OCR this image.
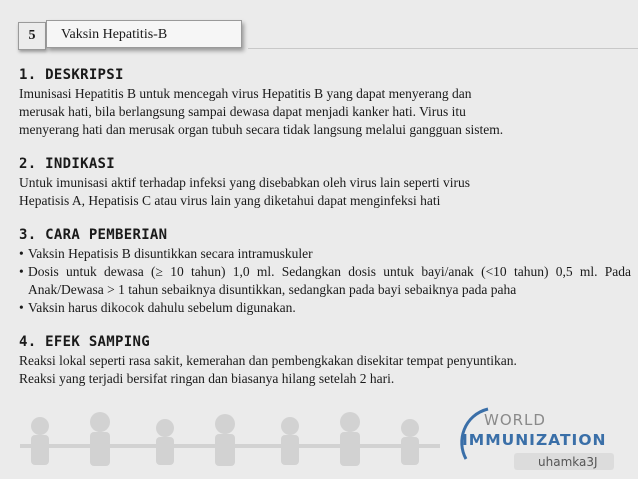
5	Vaksin Hepatitis-B
1. DESKRIPSI

Imunisasi Hepatitis B untuk mencegah virus Hepatitis B yang dapat menyerang dan

merusak hati, bila berlangsung sampai dewasa dapat menjadi kanker hati. Virus itu

menyerang hati dan merusak organ tubuh secara tidak langsung melalui gangguan sistem.

2. INDIKASI

Untuk imunisasi aktif terhadap infeksi yang disebabkan oleh virus lain seperti virus

Hepatisis A, Hepatisis C atau virus lain yang diketahui dapat menginfeksi hati

3. CARA PEMBERIAN
• Vaksin Hepatisis B disuntikkan secara intramuskuler
• Dosis untuk dewasa (≥ 10 tahun) 1,0 ml. Sedangkan dosis untuk bayi/anak (<10 tahun) 0,5 ml. Pada Anak/Dewasa > 1 tahun sebaiknya disuntikkan, sedangkan pada bayi sebaiknya pada paha
• Vaksin harus dikocok dahulu sebelum digunakan.
4. EFEK SAMPING

Reaksi lokal seperti rasa sakit, kemerahan dan pembengkakan disekitar tempat penyuntikan.

Reaksi yang terjadi bersifat ringan dan biasanya hilang setelah 2 hari.

WORLD
IMMUNIZATION
uhamka3J
